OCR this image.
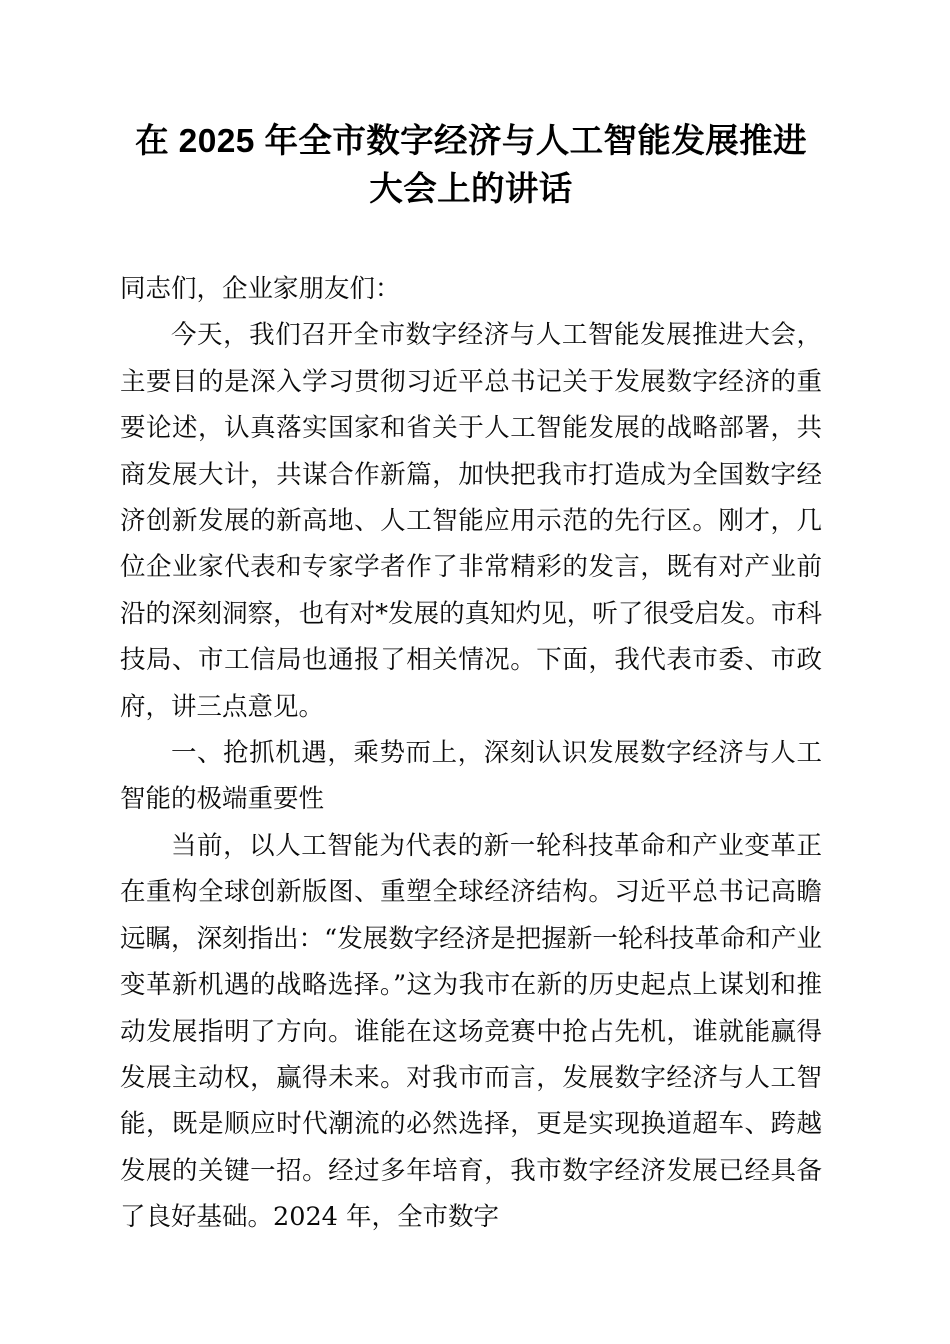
在 2025 年全市数字经济与人工智能发展推进大会上的讲话

同志们，企业家朋友们：

今天，我们召开全市数字经济与人工智能发展推进大会，主要目的是深入学习贯彻习近平总书记关于发展数字经济的重要论述，认真落实国家和省关于人工智能发展的战略部署，共商发展大计，共谋合作新篇，加快把我市打造成为全国数字经济创新发展的新高地、人工智能应用示范的先行区。刚才，几位企业家代表和专家学者作了非常精彩的发言，既有对产业前沿的深刻洞察，也有对*发展的真知灼见，听了很受启发。市科技局、市工信局也通报了相关情况。下面，我代表市委、市政府，讲三点意见。

一、抢抓机遇，乘势而上，深刻认识发展数字经济与人工智能的极端重要性

当前，以人工智能为代表的新一轮科技革命和产业变革正在重构全球创新版图、重塑全球经济结构。习近平总书记高瞻远瞩，深刻指出：“发展数字经济是把握新一轮科技革命和产业变革新机遇的战略选择。”这为我市在新的历史起点上谋划和推动发展指明了方向。谁能在这场竞赛中抢占先机，谁就能赢得发展主动权，赢得未来。对我市而言，发展数字经济与人工智能，既是顺应时代潮流的必然选择，更是实现换道超车、跨越发展的关键一招。经过多年培育，我市数字经济发展已经具备了良好基础。2024 年，全市数字
